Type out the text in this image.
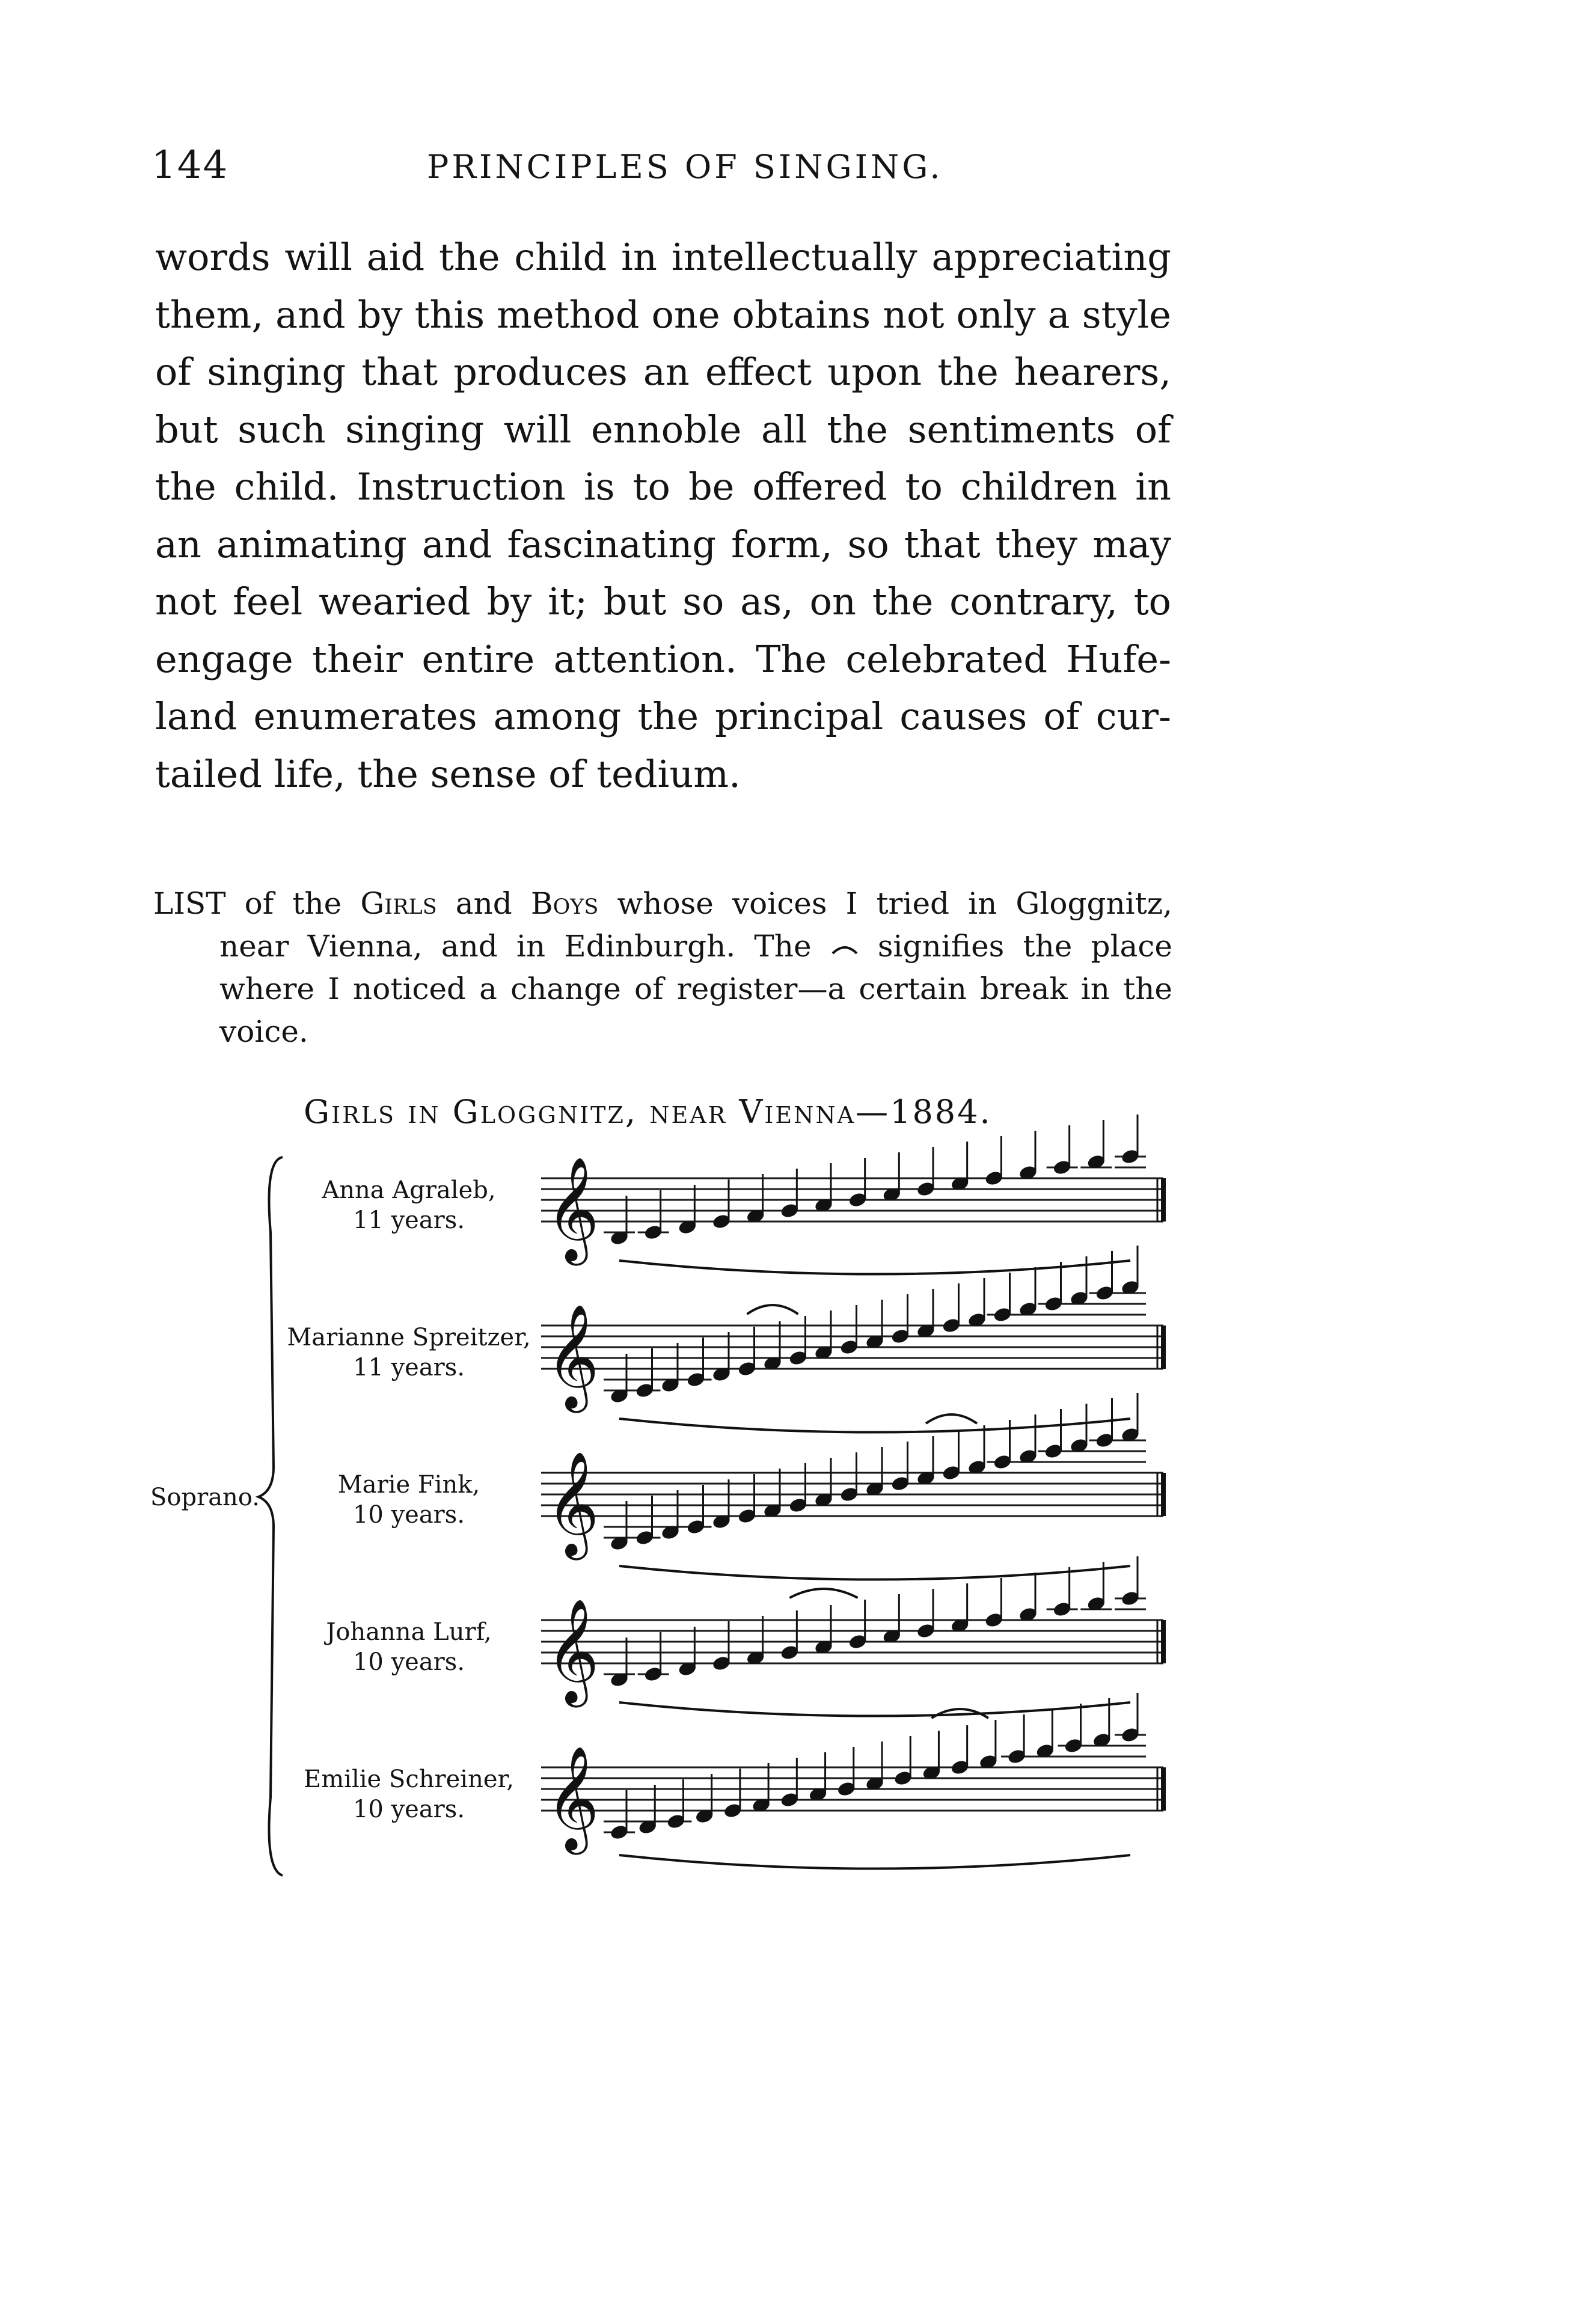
144	PRINCIPLES OF SINGING.
words will aid the child in intellectually appreciating
them, and by this method one obtains not only a style
of singing that produces an effect upon the hearers,
but such singing will ennoble all the sentiments of
the child. Instruction is to be offered to children in
an animating and fascinating form, so that they may
not feel wearied by it; but so as, on the contrary, to
engage their entire attention. The celebrated Hufe-
land enumerates among the principal causes of cur-
tailed life, the sense of tedium.
LIST of the Girls and Boys whose voices I tried in Gloggnitz,
near Vienna, and in Edinburgh. The signifies the place
where I noticed a change of register—a certain break in the
voice.
Girls in Gloggnitz, near Vienna—1884.
Soprano.
Anna Agraleb,
11 years.
Marianne Spreitzer,
11 years.
Marie Fink,
10 years.
Johanna Lurf,
10 years.
Emilie Schreiner,
10 years.
𝄞
𝄞
𝄞
𝄞
𝄞
